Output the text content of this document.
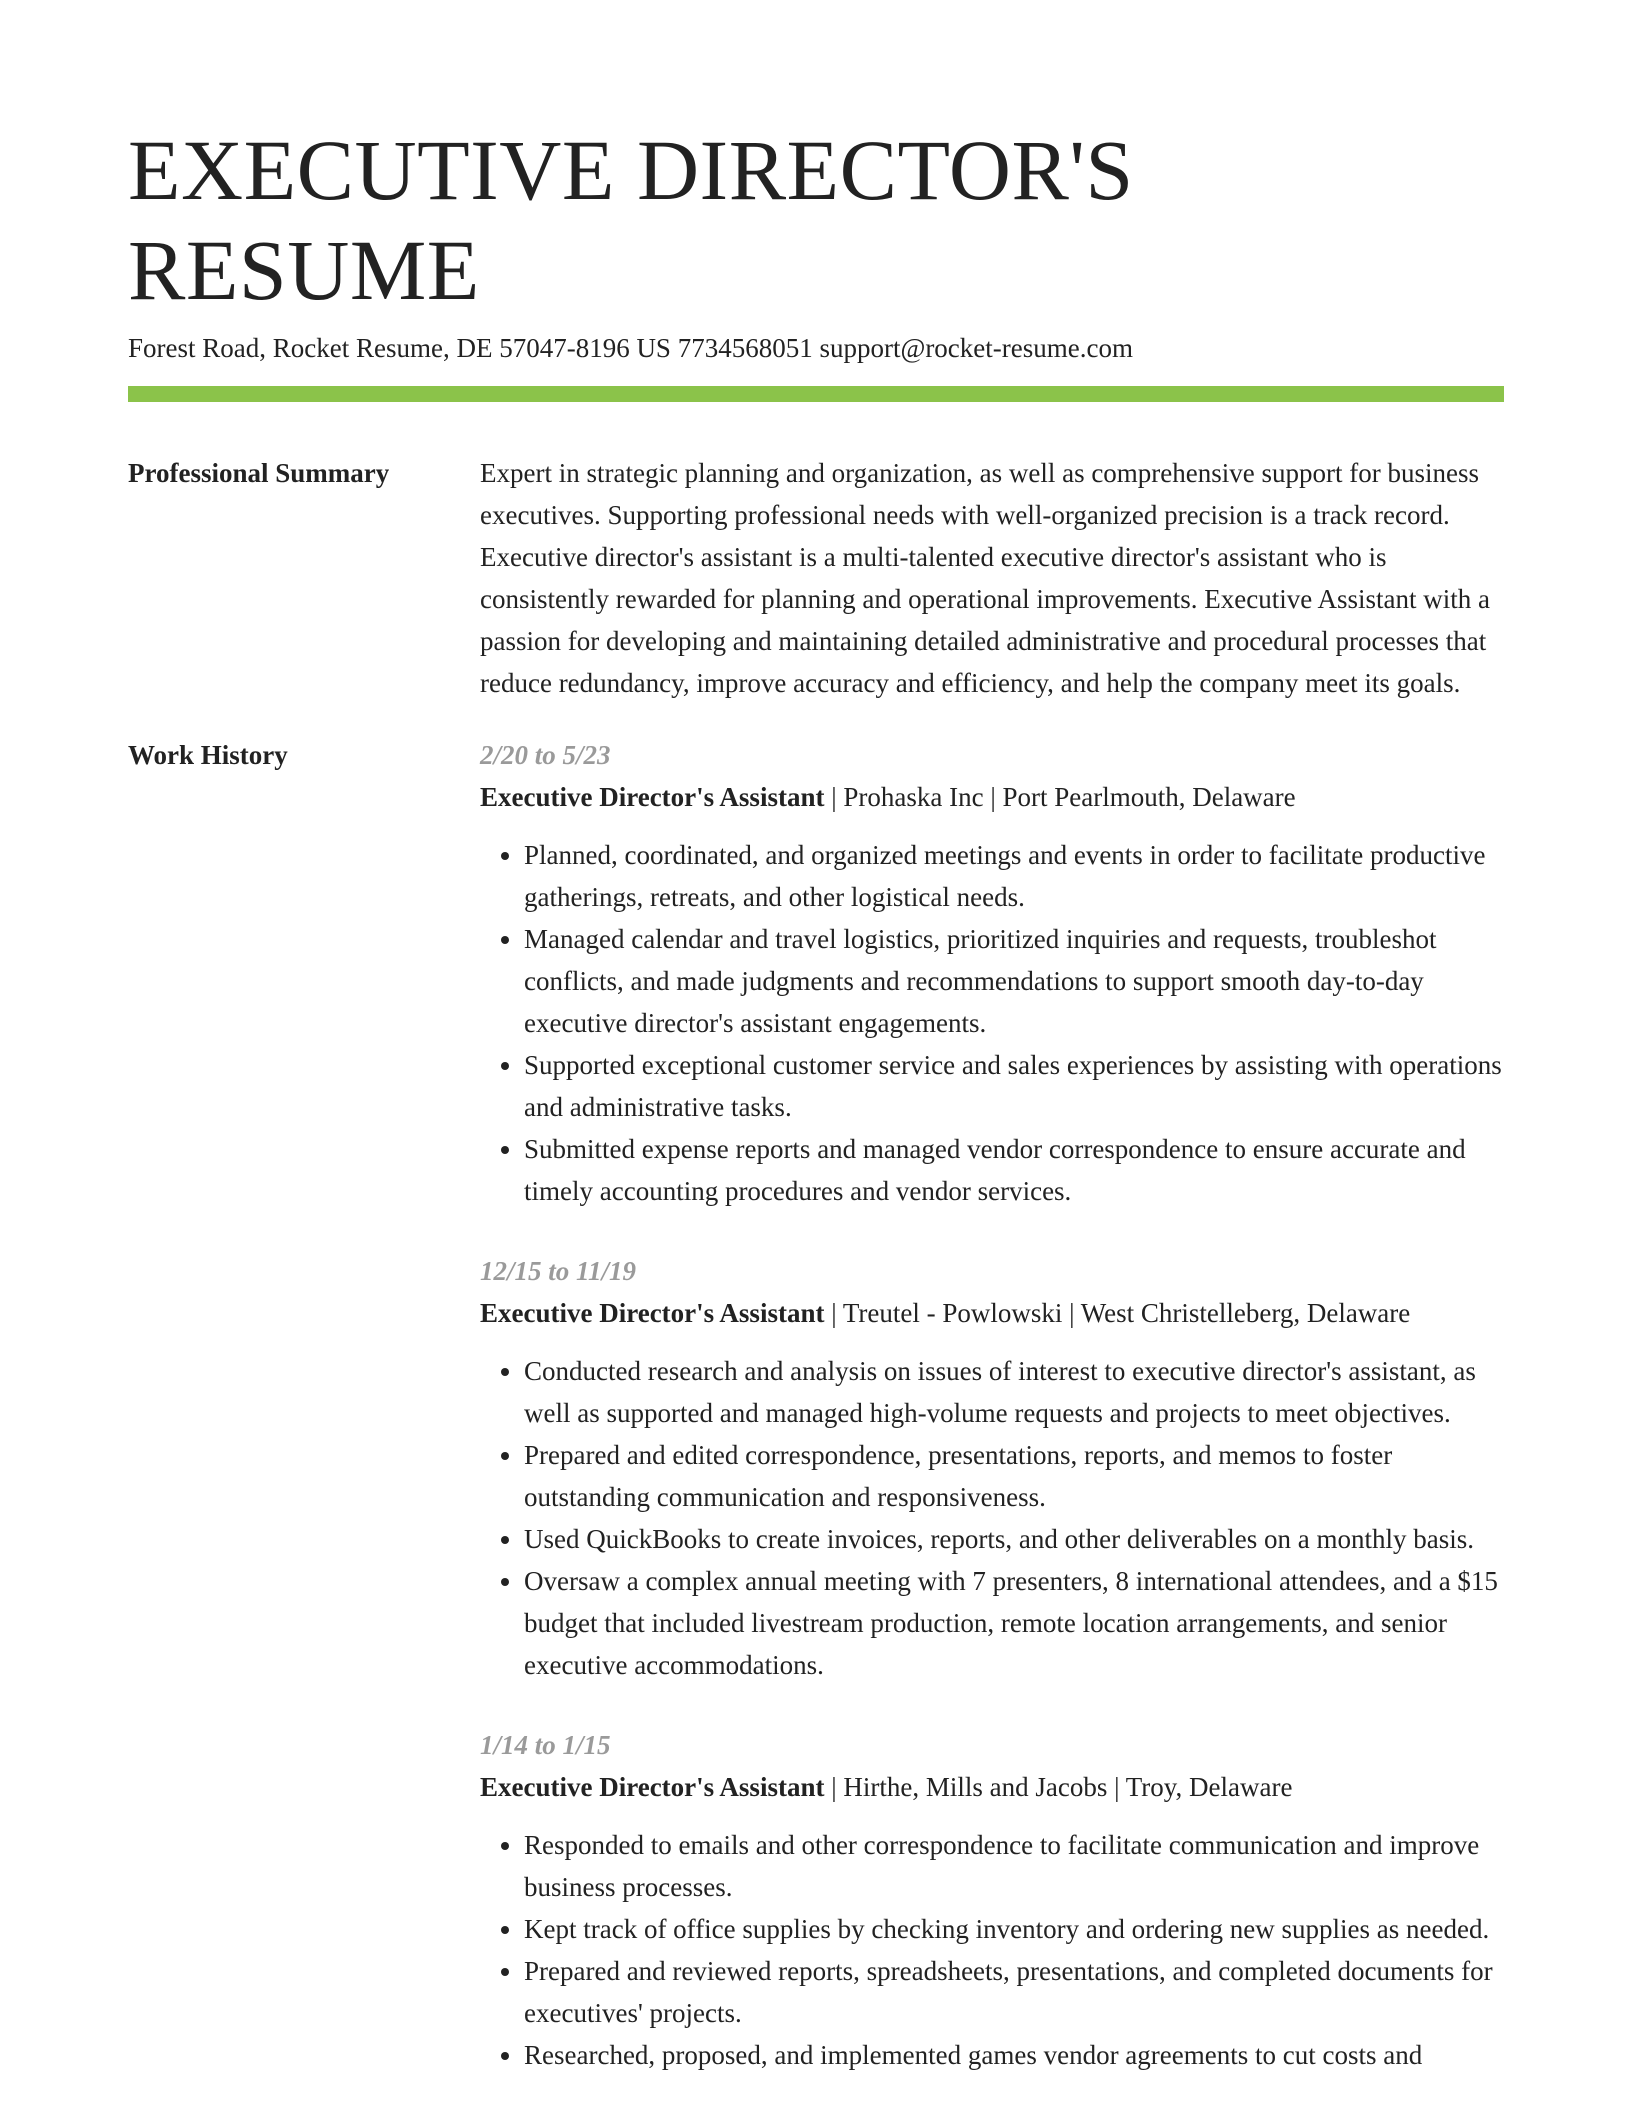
EXECUTIVE DIRECTOR'S RESUME
Forest Road, Rocket Resume, DE 57047-8196 US 7734568051 support@rocket-resume.com
Professional Summary	Expert in strategic planning and organization, as well as comprehensive support for business executives. Supporting professional needs with well-organized precision is a track record. Executive director's assistant is a multi-talented executive director's assistant who is consistently rewarded for planning and operational improvements. Executive Assistant with a passion for developing and maintaining detailed administrative and procedural processes that reduce redundancy, improve accuracy and efficiency, and help the company meet its goals.

Work History	2/20 to 5/23
Executive Director's Assistant | Prohaska Inc | Port Pearlmouth, Delaware
• Planned, coordinated, and organized meetings and events in order to facilitate productive gatherings, retreats, and other logistical needs.
• Managed calendar and travel logistics, prioritized inquiries and requests, troubleshot conflicts, and made judgments and recommendations to support smooth day-to-day executive director's assistant engagements.
• Supported exceptional customer service and sales experiences by assisting with operations and administrative tasks.
• Submitted expense reports and managed vendor correspondence to ensure accurate and timely accounting procedures and vendor services.
12/15 to 11/19
Executive Director's Assistant | Treutel - Powlowski | West Christelleberg, Delaware
• Conducted research and analysis on issues of interest to executive director's assistant, as well as supported and managed high-volume requests and projects to meet objectives.
• Prepared and edited correspondence, presentations, reports, and memos to foster outstanding communication and responsiveness.
• Used QuickBooks to create invoices, reports, and other deliverables on a monthly basis.
• Oversaw a complex annual meeting with 7 presenters, 8 international attendees, and a $15 budget that included livestream production, remote location arrangements, and senior executive accommodations.
1/14 to 1/15
Executive Director's Assistant | Hirthe, Mills and Jacobs | Troy, Delaware
• Responded to emails and other correspondence to facilitate communication and improve business processes.
• Kept track of office supplies by checking inventory and ordering new supplies as needed.
• Prepared and reviewed reports, spreadsheets, presentations, and completed documents for executives' projects.
• Researched, proposed, and implemented games vendor agreements to cut costs and
